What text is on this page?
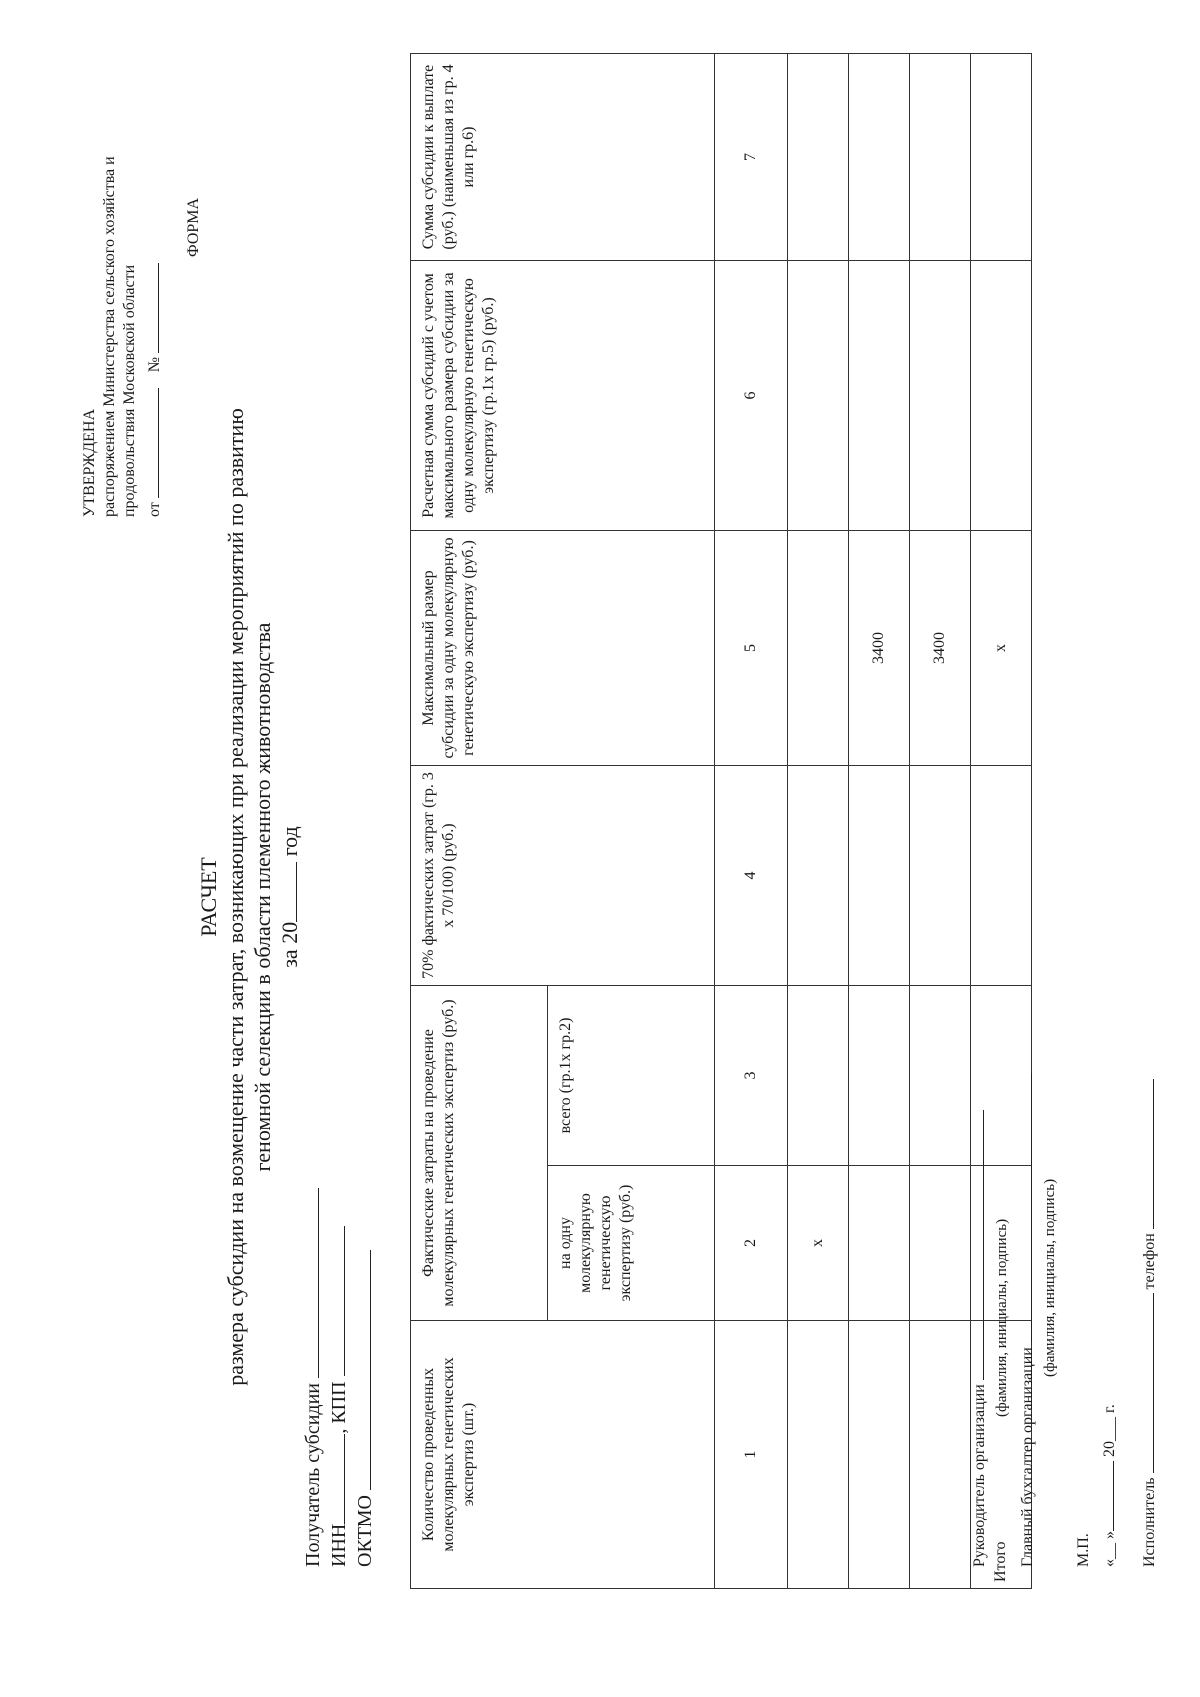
УТВЕРЖДЕНА распоряжением Министерства сельского хозяйства и продовольствия Московской области от     №
ФОРМА
РАСЧЕТ размера субсидии на возмещение части затрат, возникающих при реализации мероприятий по развитию геномной селекции в области племенного животноводства за 20 год
Получатель субсидии ИНН, КПП
ОКТМО	Количество проведенных молекулярных генетических экспертиз (шт.)	Фактические затраты на проведение молекулярных генетических экспертиз (руб.)		70% фактических затрат (гр. 3 х 70/100) (руб.)	Максимальный размер субсидии за одну молекулярную генетическую экспертизу (руб.)	Расчетная сумма субсидий с учетом максимального размера субсидии за одну молекулярную генетическую экспертизу (гр.1х гр.5) (руб.)	Сумма субсидии к выплате (руб.) (наименьшая из гр. 4 или гр.6)
	на одну молекулярную генетическую экспертизу (руб.)	всего (гр.1х гр.2)				
1	2	3	4	5	6	7
	х					
				3400		
				3400		
Итого				х		
Руководитель организации
(фамилия, инициалы, подпись)
Главный бухгалтер организации
(фамилия, инициалы, подпись)
М.П. «__ » 20___ г.
Исполнитель  телефон
